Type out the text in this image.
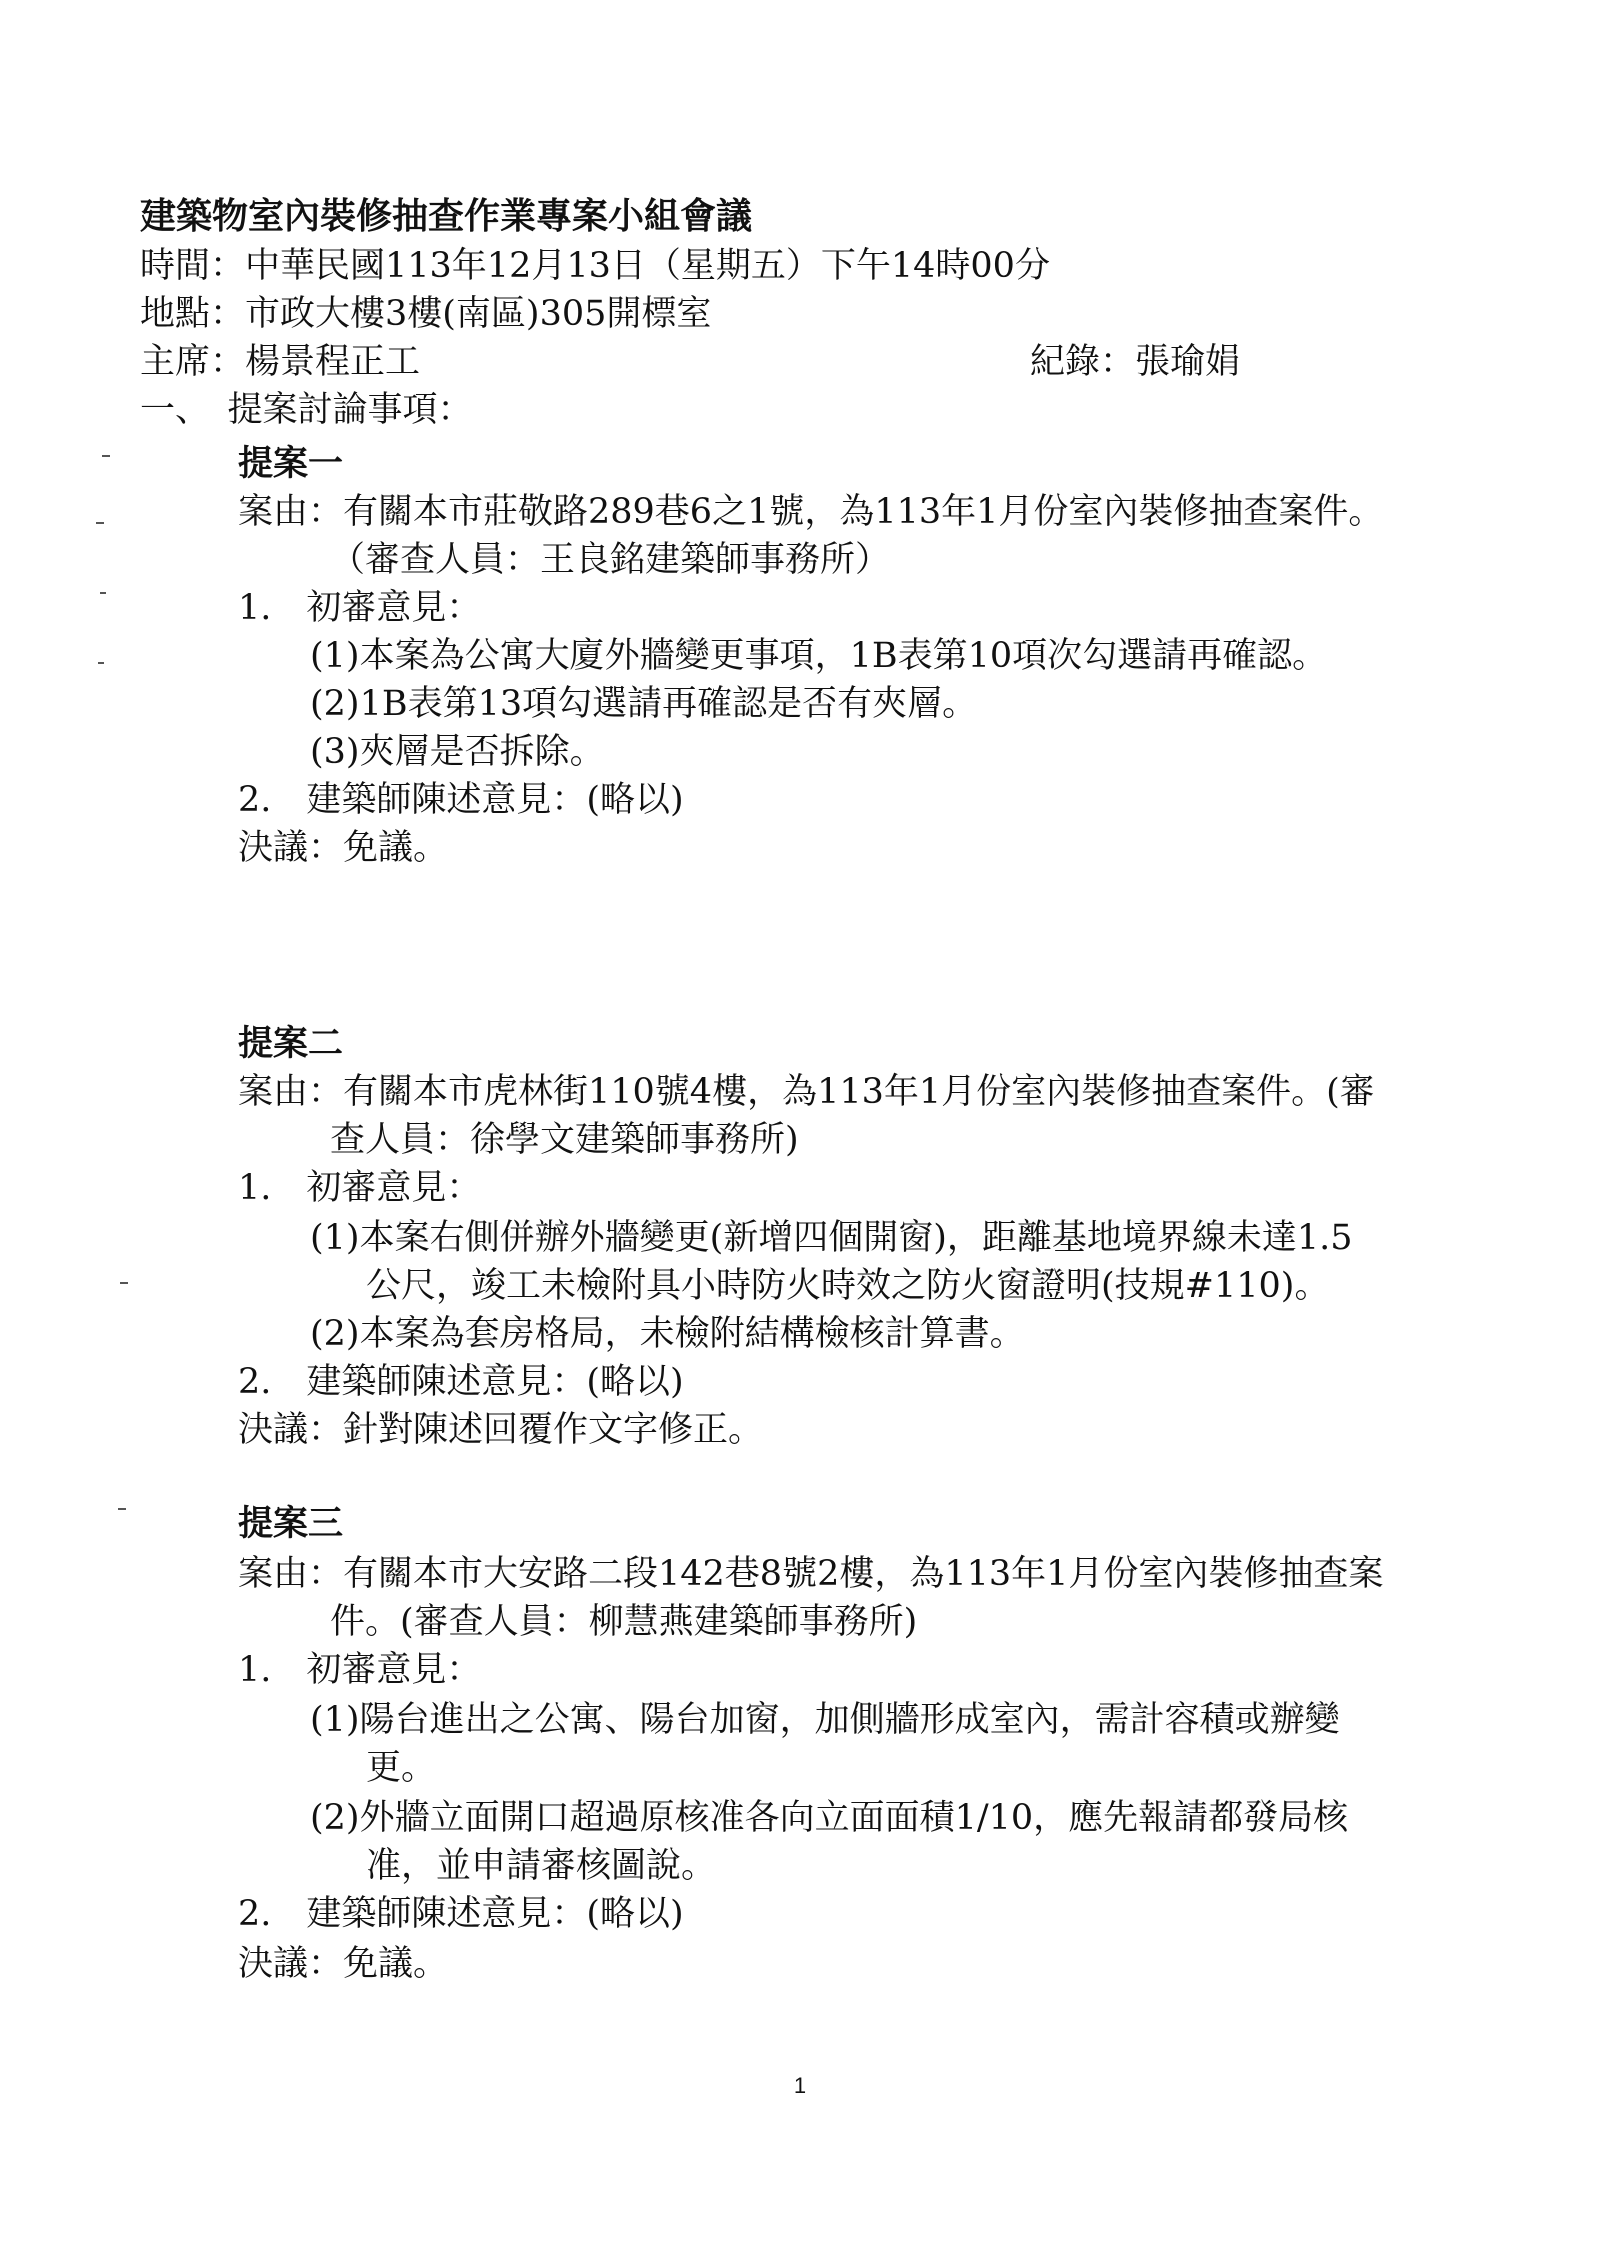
建築物室內裝修抽查作業專案小組會議
時間：中華民國113年12月13日（星期五）下午14時00分
地點：市政大樓3樓(南區)305開標室
主席：楊景程正工	紀錄：張瑜娟
一、　提案討論事項：
提案一
案由：有關本市莊敬路289巷6之1號，為113年1月份室內裝修抽查案件。
（審查人員：王良銘建築師事務所）
1.　初審意見：
(1)本案為公寓大廈外牆變更事項，1B表第10項次勾選請再確認。
(2)1B表第13項勾選請再確認是否有夾層。
(3)夾層是否拆除。
2.　建築師陳述意見：(略以)
決議：免議。
提案二
案由：有關本市虎林街110號4樓，為113年1月份室內裝修抽查案件。(審
查人員：徐學文建築師事務所)
1.　初審意見：
(1)本案右側併辦外牆變更(新增四個開窗)，距離基地境界線未達1.5
公尺，竣工未檢附具小時防火時效之防火窗證明(技規#110)。
(2)本案為套房格局，未檢附結構檢核計算書。
2.　建築師陳述意見：(略以)
決議：針對陳述回覆作文字修正。
提案三
案由：有關本市大安路二段142巷8號2樓，為113年1月份室內裝修抽查案
件。(審查人員：柳慧燕建築師事務所)
1.　初審意見：
(1)陽台進出之公寓、陽台加窗，加側牆形成室內，需計容積或辦變
更。
(2)外牆立面開口超過原核准各向立面面積1/10，應先報請都發局核
准，並申請審核圖說。
2.　建築師陳述意見：(略以)
決議：免議。
1
